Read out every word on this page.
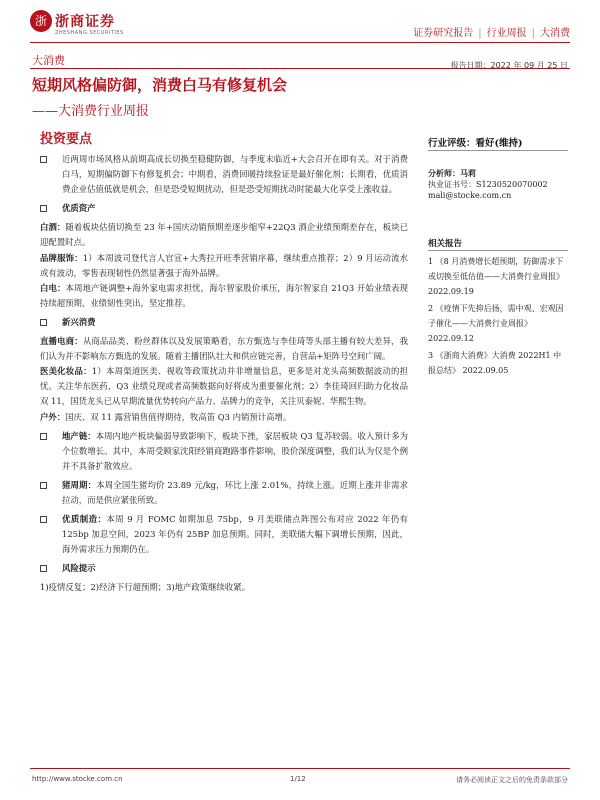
浙 浙商证券
ZHESHANG SECURITIES	证券研究报告 | 行业周报 | 大消费
大消费	报告日期：2022 年 09 月 25 日
短期风格偏防御，消费白马有修复机会
——大消费行业周报
投资要点
近两周市场风格从前期高成长切换至稳健防御，与季度末临近+大会召开在即有关。对于消费白马，短期偏防御下有修复机会；中期看，消费回暖持续验证是最好催化剂；长期看，优质消费企业估值低就是机会，但是恐受短期扰动，但是恐受短期扰动时能最大化享受上涨收益。
优质资产
白酒：随着板块估值切换至 23 年+国庆动销预期差逐步缩窄+22Q3 酒企业绩预期差存在，板块已迎配置时点。
品牌服饰：1）本周波司登代言人官宣+大秀拉开旺季营销序幕，继续重点推荐；2）9 月运动流水或有波动，零售表现韧性仍然显著强于海外品牌。
白电：本周地产链调整+海外家电需求担忧，海尔智家股价承压，海尔智家自 21Q3 开始业绩表现持续超预期，业绩韧性突出，坚定推荐。
新兴消费
直播电商：从商品品类、粉丝群体以及发展策略看，东方甄选与李佳琦等头部主播有较大差异，我们认为并不影响东方甄选的发展。随着主播团队壮大和供应链完善，自营品+矩阵号空间广阔。
医美化妆品：1）本周渠道医美、视收等政策扰动并非增量信息，更多是对龙头高频数据波动的担忧。关注华东医药，Q3 业绩兑现或者高频数据向好将成为重要催化剂；2）李佳琦回归助力化妆品双 11，国货龙头已从早期流量优势转向产品力、品牌力的竞争，关注贝泰妮、华熙生物。
户外：国庆、双 11 露营销售值得期待，牧高笛 Q3 内销预计高增。
地产链：本周内地产板块偏弱导致影响下，板块下挫，家居板块 Q3 复苏较弱。收入预计多为个位数增长。其中，本周受顾家沈阳经销商跑路事件影响，股价深度调整，我们认为仅是个例并不具备扩散效应。
猪周期：本周全国生猪均价 23.89 元/kg，环比上涨 2.01%，持续上涨。近期上涨并非需求拉动，而是供应紧张所致。
优质制造：本周 9 月 FOMC 如期加息 75bp，9 月美联储点阵图公布对应 2022 年仍有 125bp 加息空间，2023 年仍有 25BP 加息预期。同时，美联储大幅下调增长预期，因此，海外需求压力预期仍在。
风险提示
1)疫情反复；2)经济下行超预期；3)地产政策继续收紧。
行业评级：看好(维持)
分析师：马莉
执业证书号：S1230520070002
mali@stocke.com.cn
相关报告
1 《8 月消费增长超预期，防御需求下或切换至低估值——大消费行业周报》 2022.09.19
2 《疫情下先抑后扬，需中观、宏观因子催化——大消费行业周报》 2022.09.12
3 《浙商大消费》大消费 2022H1 中报总结》 2022.09.05
http://www.stocke.com.cn	1/12	请务必阅读正文之后的免责条款部分
